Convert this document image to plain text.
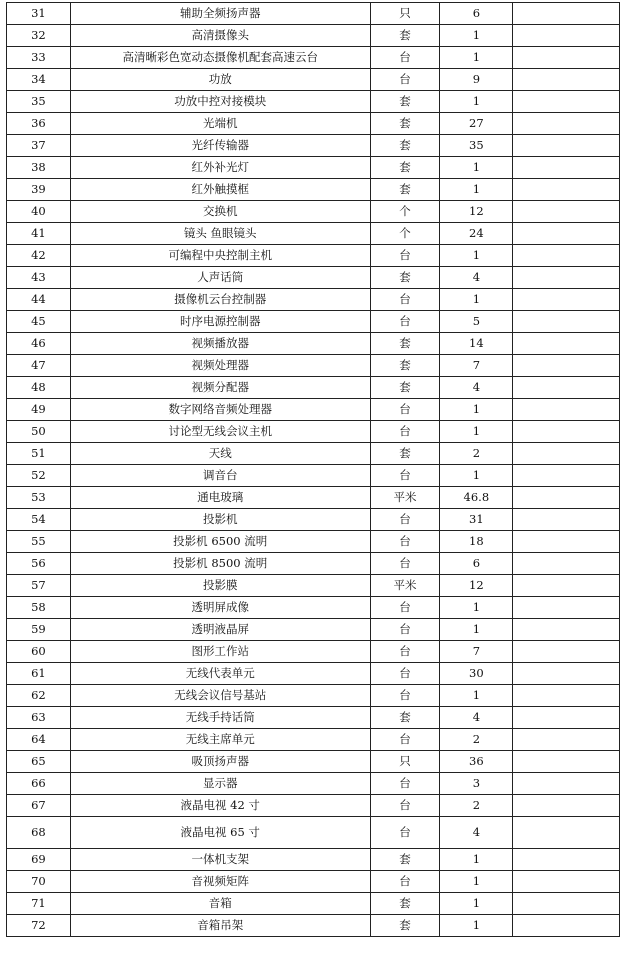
31	辅助全频扬声器	只	6	
32	高清摄像头	套	1	
33	高清晰彩色宽动态摄像机配套高速云台	台	1	
34	功放	台	9	
35	功放中控对接模块	套	1	
36	光端机	套	27	
37	光纤传输器	套	35	
38	红外补光灯	套	1	
39	红外触摸框	套	1	
40	交换机	个	12	
41	镜头 鱼眼镜头	个	24	
42	可编程中央控制主机	台	1	
43	人声话筒	套	4	
44	摄像机云台控制器	台	1	
45	时序电源控制器	台	5	
46	视频播放器	套	14	
47	视频处理器	套	7	
48	视频分配器	套	4	
49	数字网络音频处理器	台	1	
50	讨论型无线会议主机	台	1	
51	天线	套	2	
52	调音台	台	1	
53	通电玻璃	平米	46.8	
54	投影机	台	31	
55	投影机 6500 流明	台	18	
56	投影机 8500 流明	台	6	
57	投影膜	平米	12	
58	透明屏成像	台	1	
59	透明液晶屏	台	1	
60	图形工作站	台	7	
61	无线代表单元	台	30	
62	无线会议信号基站	台	1	
63	无线手持话筒	套	4	
64	无线主席单元	台	2	
65	吸顶扬声器	只	36	
66	显示器	台	3	
67	液晶电视 42 寸	台	2	
68	液晶电视 65 寸	台	4	
69	一体机支架	套	1	
70	音视频矩阵	台	1	
71	音箱	套	1	
72	音箱吊架	套	1	
